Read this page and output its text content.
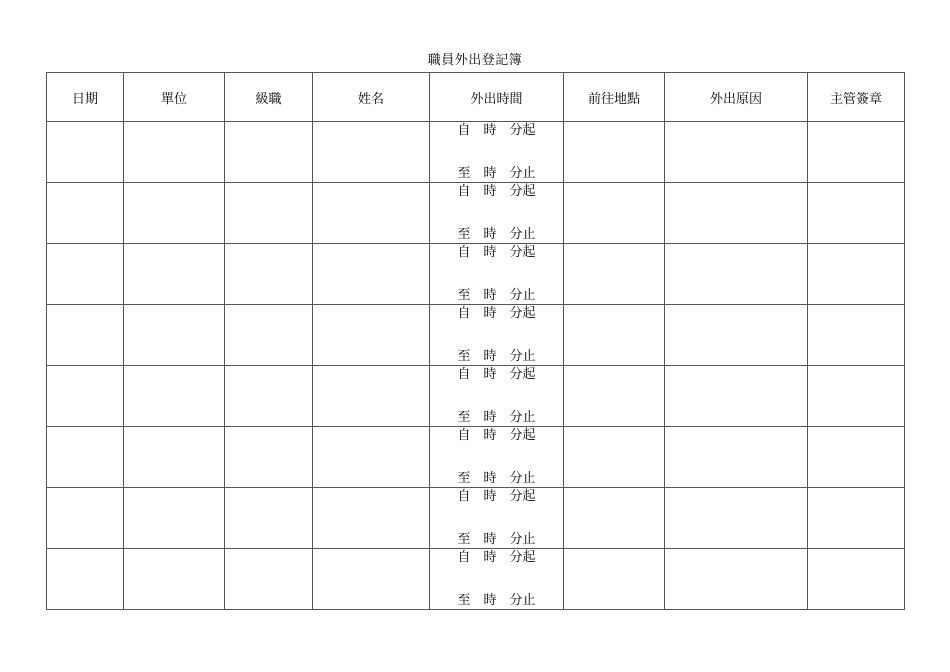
職員外出登記簿
日期	單位	級職	姓名	外出時間	前往地點	外出原因	主管簽章

				自　時　分起
至　時　分止			

				自　時　分起
至　時　分止			

				自　時　分起
至　時　分止			

				自　時　分起
至　時　分止			

				自　時　分起
至　時　分止			

				自　時　分起
至　時　分止			

				自　時　分起
至　時　分止			

				自　時　分起
至　時　分止			
